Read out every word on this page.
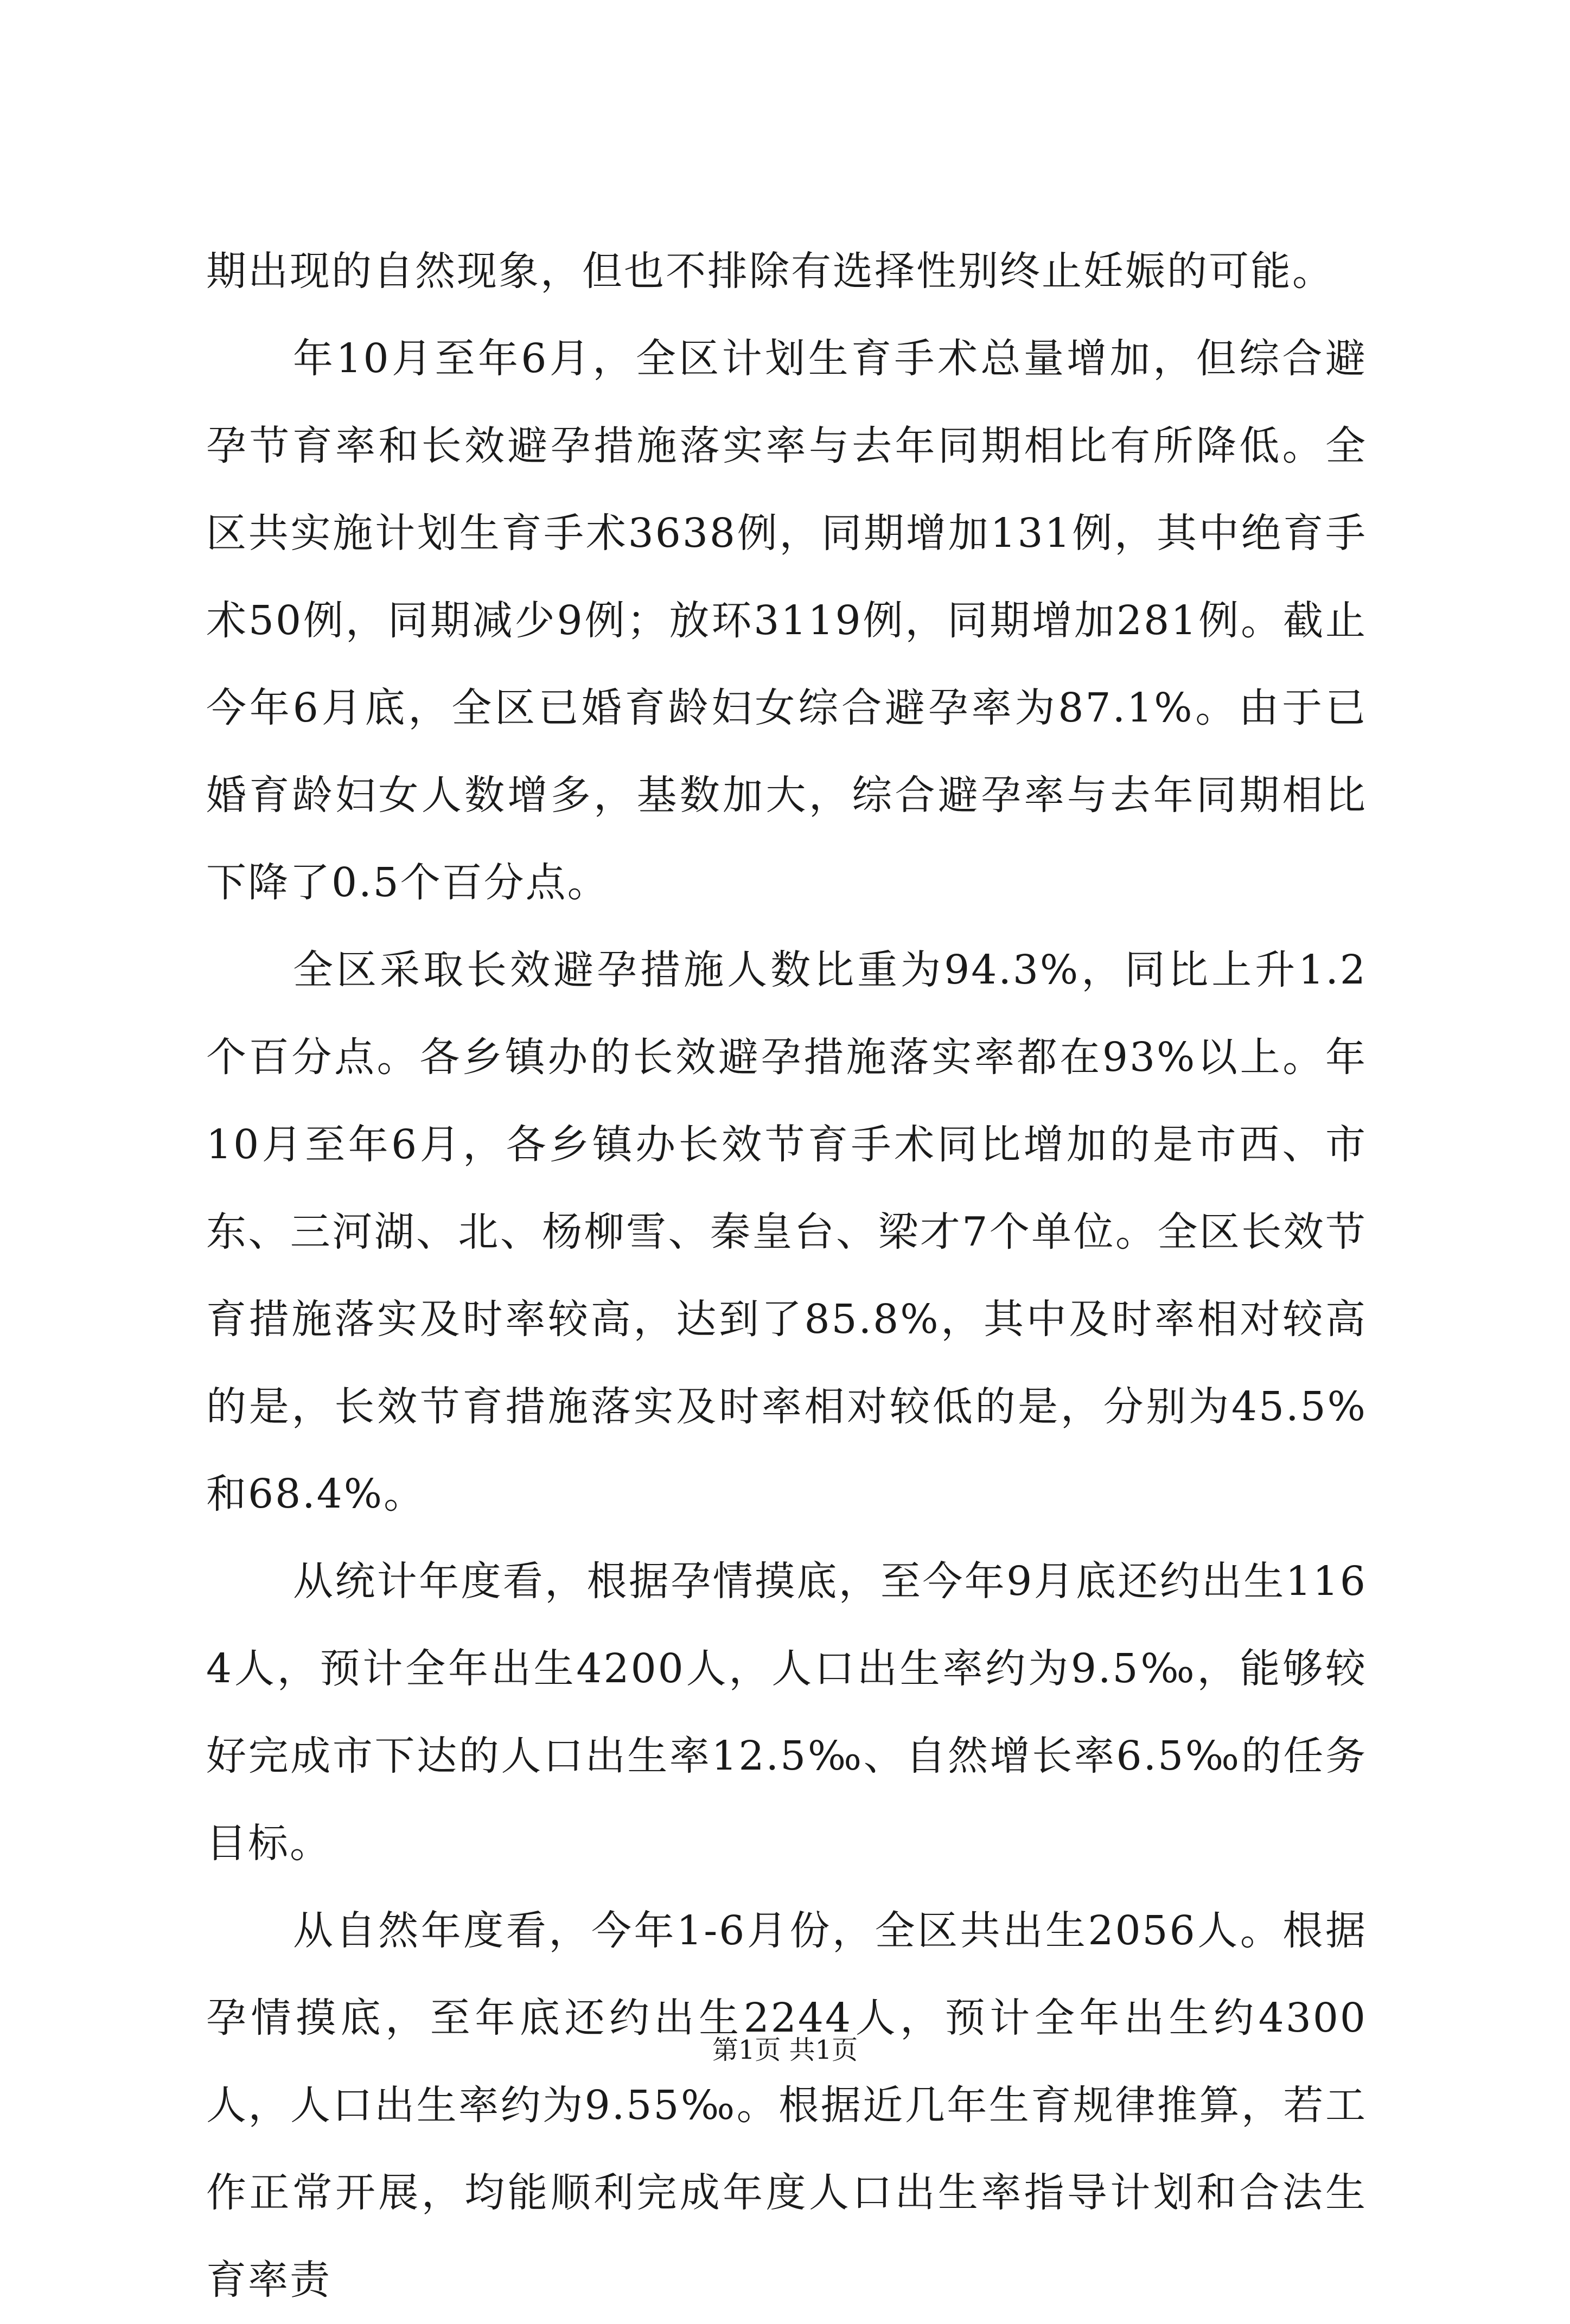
期出现的自然现象，但也不排除有选择性别终止妊娠的可能。

年10月至年6月，全区计划生育手术总量增加，但综合避孕节育率和长效避孕措施落实率与去年同期相比有所降低。全区共实施计划生育手术3638例，同期增加131例，其中绝育手术50例，同期减少9例；放环3119例，同期增加281例。截止今年6月底，全区已婚育龄妇女综合避孕率为87.1%。由于已婚育龄妇女人数增多，基数加大，综合避孕率与去年同期相比下降了0.5个百分点。

全区采取长效避孕措施人数比重为94.3%，同比上升1.2个百分点。各乡镇办的长效避孕措施落实率都在93%以上。年10月至年6月，各乡镇办长效节育手术同比增加的是市西、市东、三河湖、北、杨柳雪、秦皇台、梁才7个单位。全区长效节育措施落实及时率较高，达到了85.8%，其中及时率相对较高的是，长效节育措施落实及时率相对较低的是，分别为45.5%和68.4%。

从统计年度看，根据孕情摸底，至今年9月底还约出生1164人，预计全年出生4200人，人口出生率约为9.5‰，能够较好完成市下达的人口出生率12.5‰、自然增长率6.5‰的任务目标。

从自然年度看，今年1-6月份，全区共出生2056人。根据孕情摸底，至年底还约出生2244人，预计全年出生约4300人，人口出生率约为9.55‰。根据近几年生育规律推算，若工作正常开展，均能顺利完成年度人口出生率指导计划和合法生育率责

第1页 共1页
